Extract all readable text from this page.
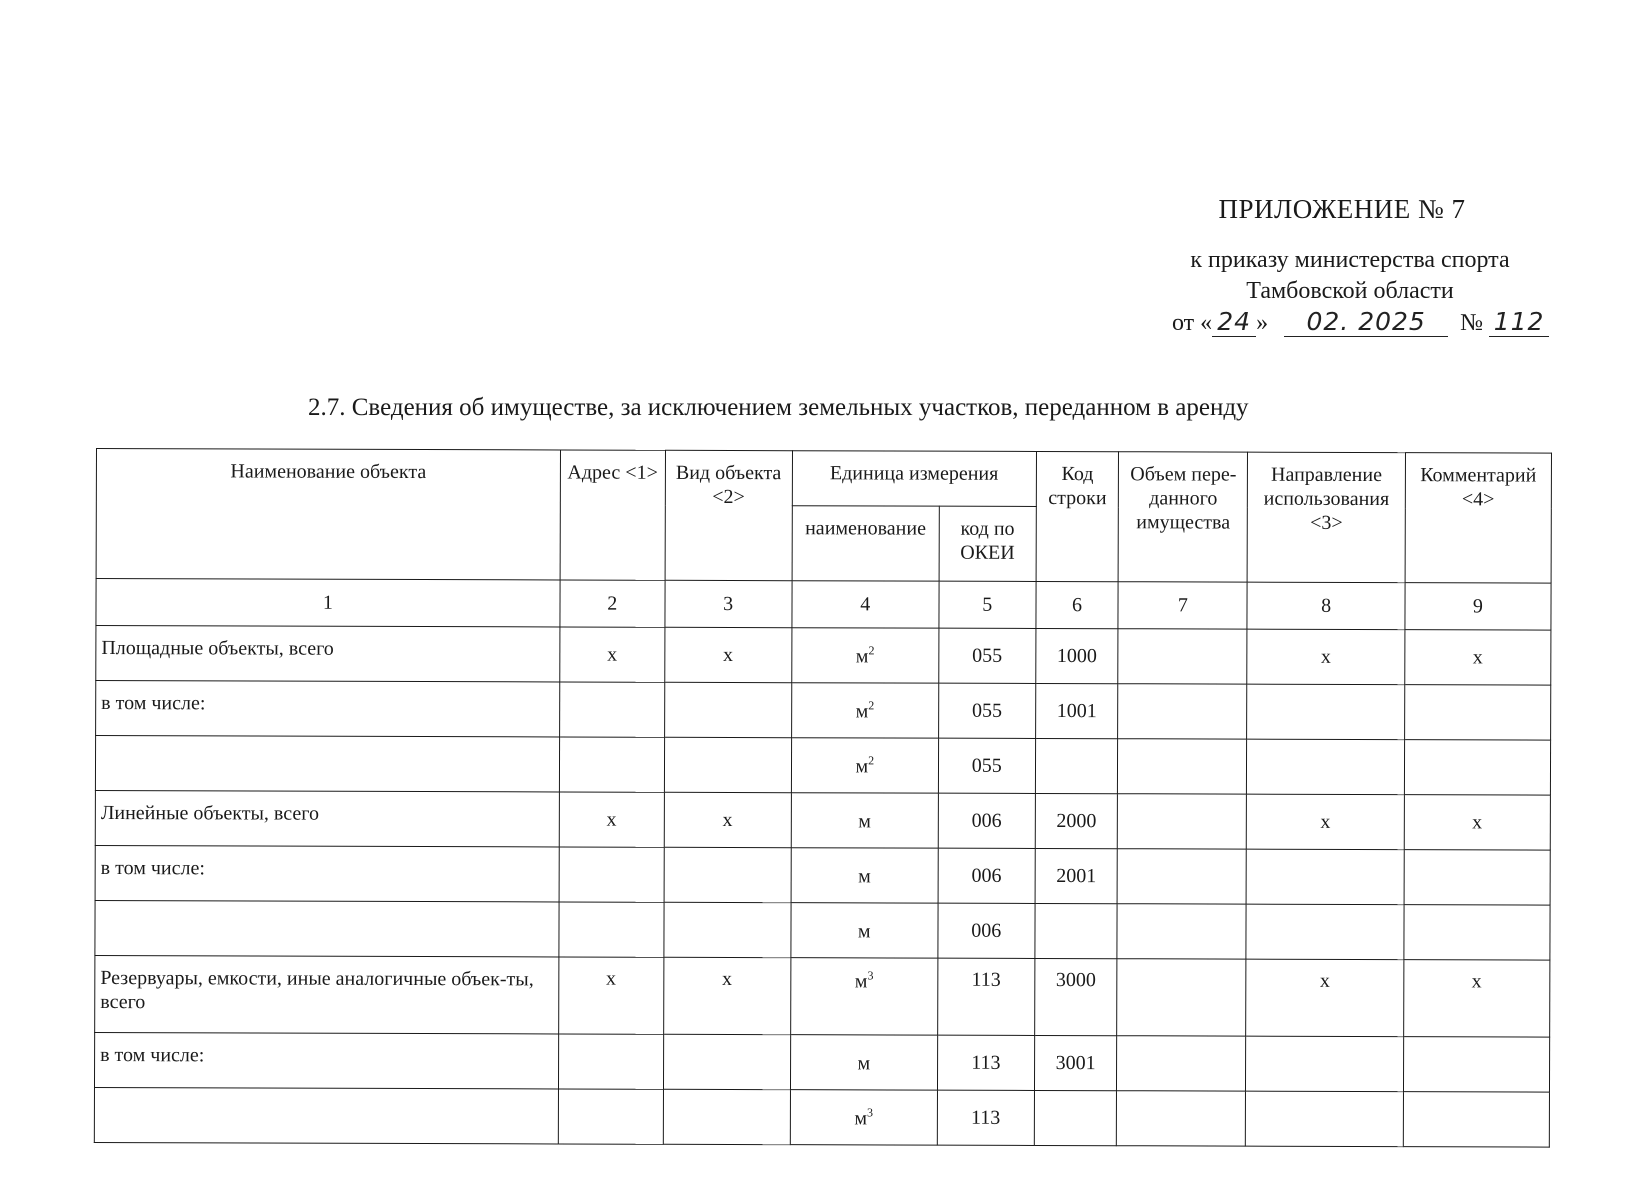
ПРИЛОЖЕНИЕ № 7
к приказу министерства спорта
Тамбовской области
от « 24 » 02. 2025 № 112
2.7. Сведения об имуществе, за исключением земельных участков, переданном в аренду
Наименование объекта	Адрес <1>	Вид объекта <2>	Единица измерения		Код строки	Объем пере-данного имущества	Направление использования <3>	Комментарий <4>
			наименование	код по ОКЕИ				
1	2	3	4	5	6	7	8	9
Площадные объекты, всего	х	х	$м^2$	055	1000		х	х
в том числе:			$м^2$	055	1001			
			$м^2$	055				
Линейные объекты, всего	х	х	м	006	2000		х	х
в том числе:			м	006	2001			
			м	006				
Резервуары, емкости, иные аналогичные объек-ты, всего	х	х	$м^3$	113	3000		х	х
в том числе:			м	113	3001			
			$м^3$	113				
